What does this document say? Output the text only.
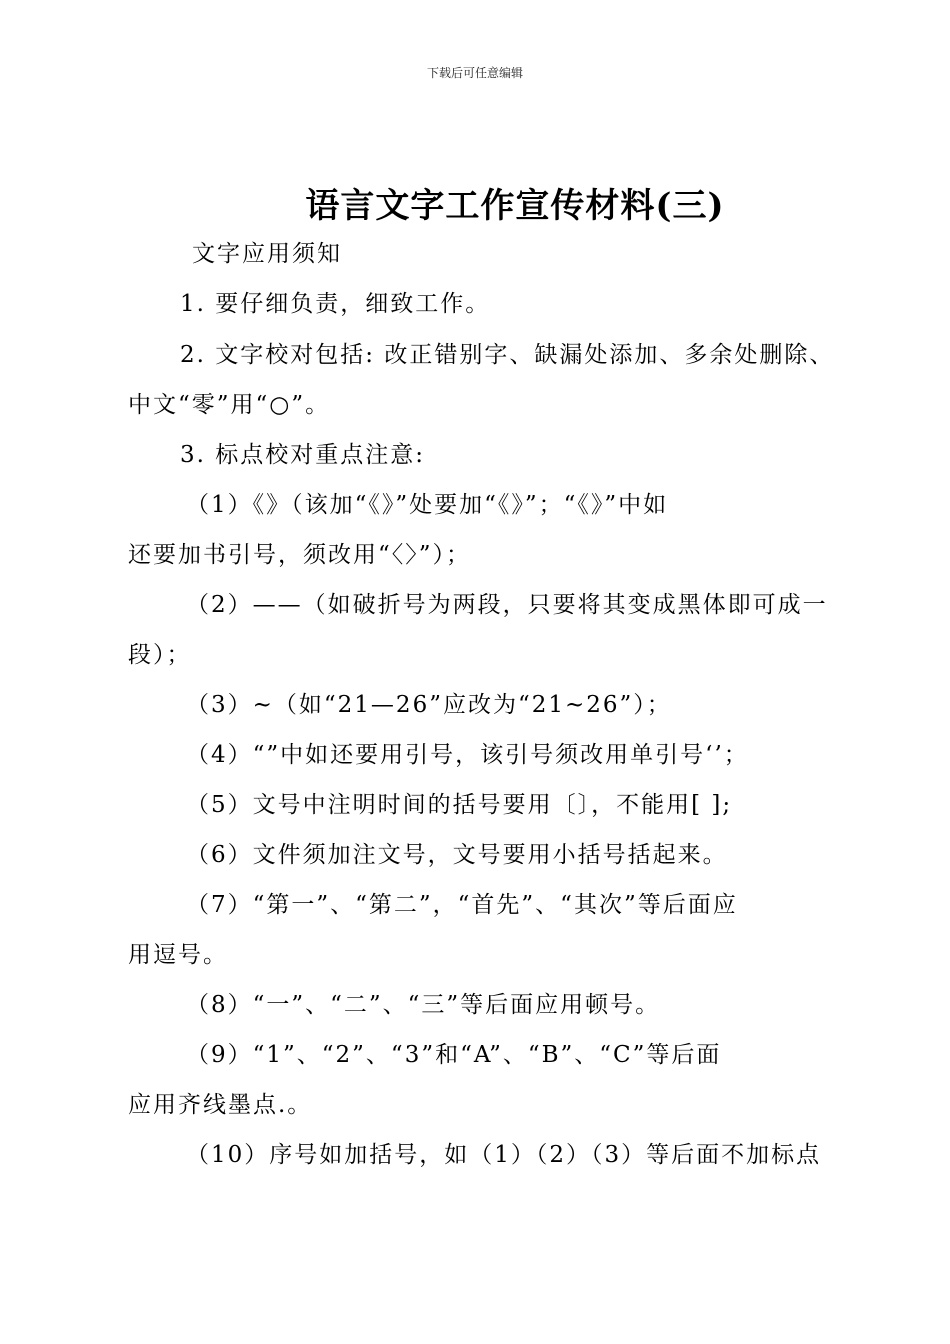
下载后可任意编辑
语言文字工作宣传材料(三)
文字应用须知
1. 要仔细负责，细致工作。
2. 文字校对包括: 改正错别字、缺漏处添加、多余处删除、
中文“零”用“○”。
3. 标点校对重点注意:
（1）《》（该加“《》”处要加“《》”；“《》”中如
还要加书引号，须改用“〈〉”）；
（2）——（如破折号为两段，只要将其变成黑体即可成一
段）；
（3）~（如“21—26”应改为“21~26”）；
（4）“”中如还要用引号，该引号须改用单引号‘’；
（5）文号中注明时间的括号要用〔〕，不能用[ ];
（6）文件须加注文号，文号要用小括号括起来。
（7）“第一”、“第二”，“首先”、“其次”等后面应
用逗号。
（8）“一”、“二”、“三”等后面应用顿号。
（9）“1”、“2”、“3”和“A”、“B”、“C”等后面
应用齐线墨点.。
（10）序号如加括号，如（1）（2）（3）等后面不加标点
